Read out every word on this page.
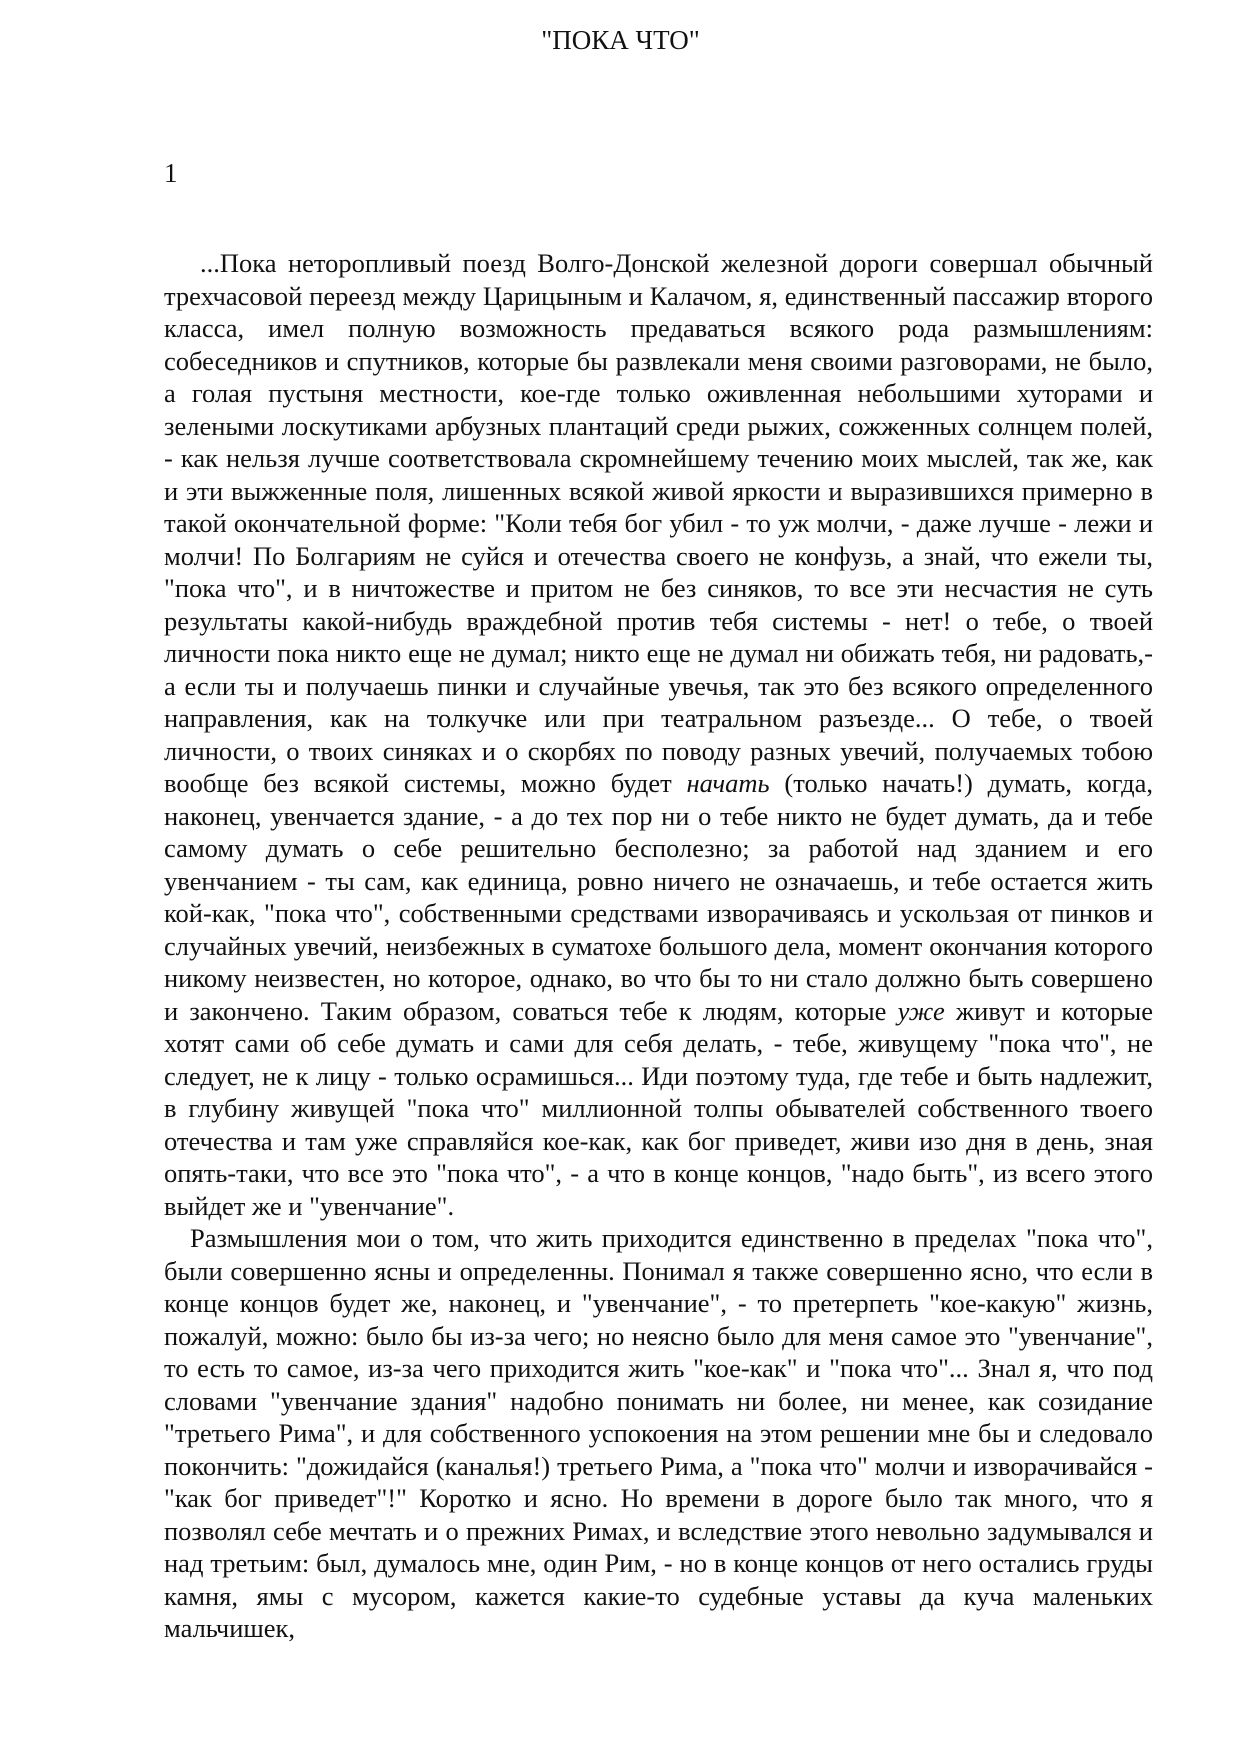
"ПОКА ЧТО"
1

...Пока неторопливый поезд Волго-Донской железной дороги совершал обычный трехчасовой переезд между Царицыным и Калачом, я, единственный пассажир второго класса, имел полную возможность предаваться всякого рода размышлениям: собеседников и спутников, которые бы развлекали меня своими разговорами, не было, а голая пустыня местности, кое-где только оживленная небольшими хуторами и зелеными лоскутиками арбузных плантаций среди рыжих, сожженных солнцем полей, - как нельзя лучше соответствовала скромнейшему течению моих мыслей, так же, как и эти выжженные поля, лишенных всякой живой яркости и выразившихся примерно в такой окончательной форме: "Коли тебя бог убил - то уж молчи, - даже лучше - лежи и молчи! По Болгариям не суйся и отечества своего не конфузь, а знай, что ежели ты, "пока что", и в ничтожестве и притом не без синяков, то все эти несчастия не суть результаты какой-нибудь враждебной против тебя системы - нет! о тебе, о твоей личности пока никто еще не думал; никто еще не думал ни обижать тебя, ни радовать,- а если ты и получаешь пинки и случайные увечья, так это без всякого определенного направления, как на толкучке или при театральном разъезде... О тебе, о твоей личности, о твоих синяках и о скорбях по поводу разных увечий, получаемых тобою вообще без всякой системы, можно будет начать (только начать!) думать, когда, наконец, увенчается здание, - а до тех пор ни о тебе никто не будет думать, да и тебе самому думать о себе решительно бесполезно; за работой над зданием и его увенчанием - ты сам, как единица, ровно ничего не означаешь, и тебе остается жить кой-как, "пока что", собственными средствами изворачиваясь и ускользая от пинков и случайных увечий, неизбежных в суматохе большого дела, момент окончания которого никому неизвестен, но которое, однако, во что бы то ни стало должно быть совершено и закончено. Таким образом, соваться тебе к людям, которые уже живут и которые хотят сами об себе думать и сами для себя делать, - тебе, живущему "пока что", не следует, не к лицу - только осрамишься... Иди поэтому туда, где тебе и быть надлежит, в глубину живущей "пока что" миллионной толпы обывателей собственного твоего отечества и там уже справляйся кое-как, как бог приведет, живи изо дня в день, зная опять-таки, что все это "пока что", - а что в конце концов, "надо быть", из всего этого выйдет же и "увенчание".

Размышления мои о том, что жить приходится единственно в пределах "пока что", были совершенно ясны и определенны. Понимал я также совершенно ясно, что если в конце концов будет же, наконец, и "увенчание", - то претерпеть "кое-какую" жизнь, пожалуй, можно: было бы из-за чего; но неясно было для меня самое это "увенчание", то есть то самое, из-за чего приходится жить "кое-как" и "пока что"... Знал я, что под словами "увенчание здания" надобно понимать ни более, ни менее, как созидание "третьего Рима", и для собственного успокоения на этом решении мне бы и следовало покончить: "дожидайся (каналья!) третьего Рима, а "пока что" молчи и изворачивайся - "как бог приведет"!" Коротко и ясно. Но времени в дороге было так много, что я позволял себе мечтать и о прежних Римах, и вследствие этого невольно задумывался и над третьим: был, думалось мне, один Рим, - но в конце концов от него остались груды камня, ямы с мусором, кажется какие-то судебные уставы да куча маленьких мальчишек,
